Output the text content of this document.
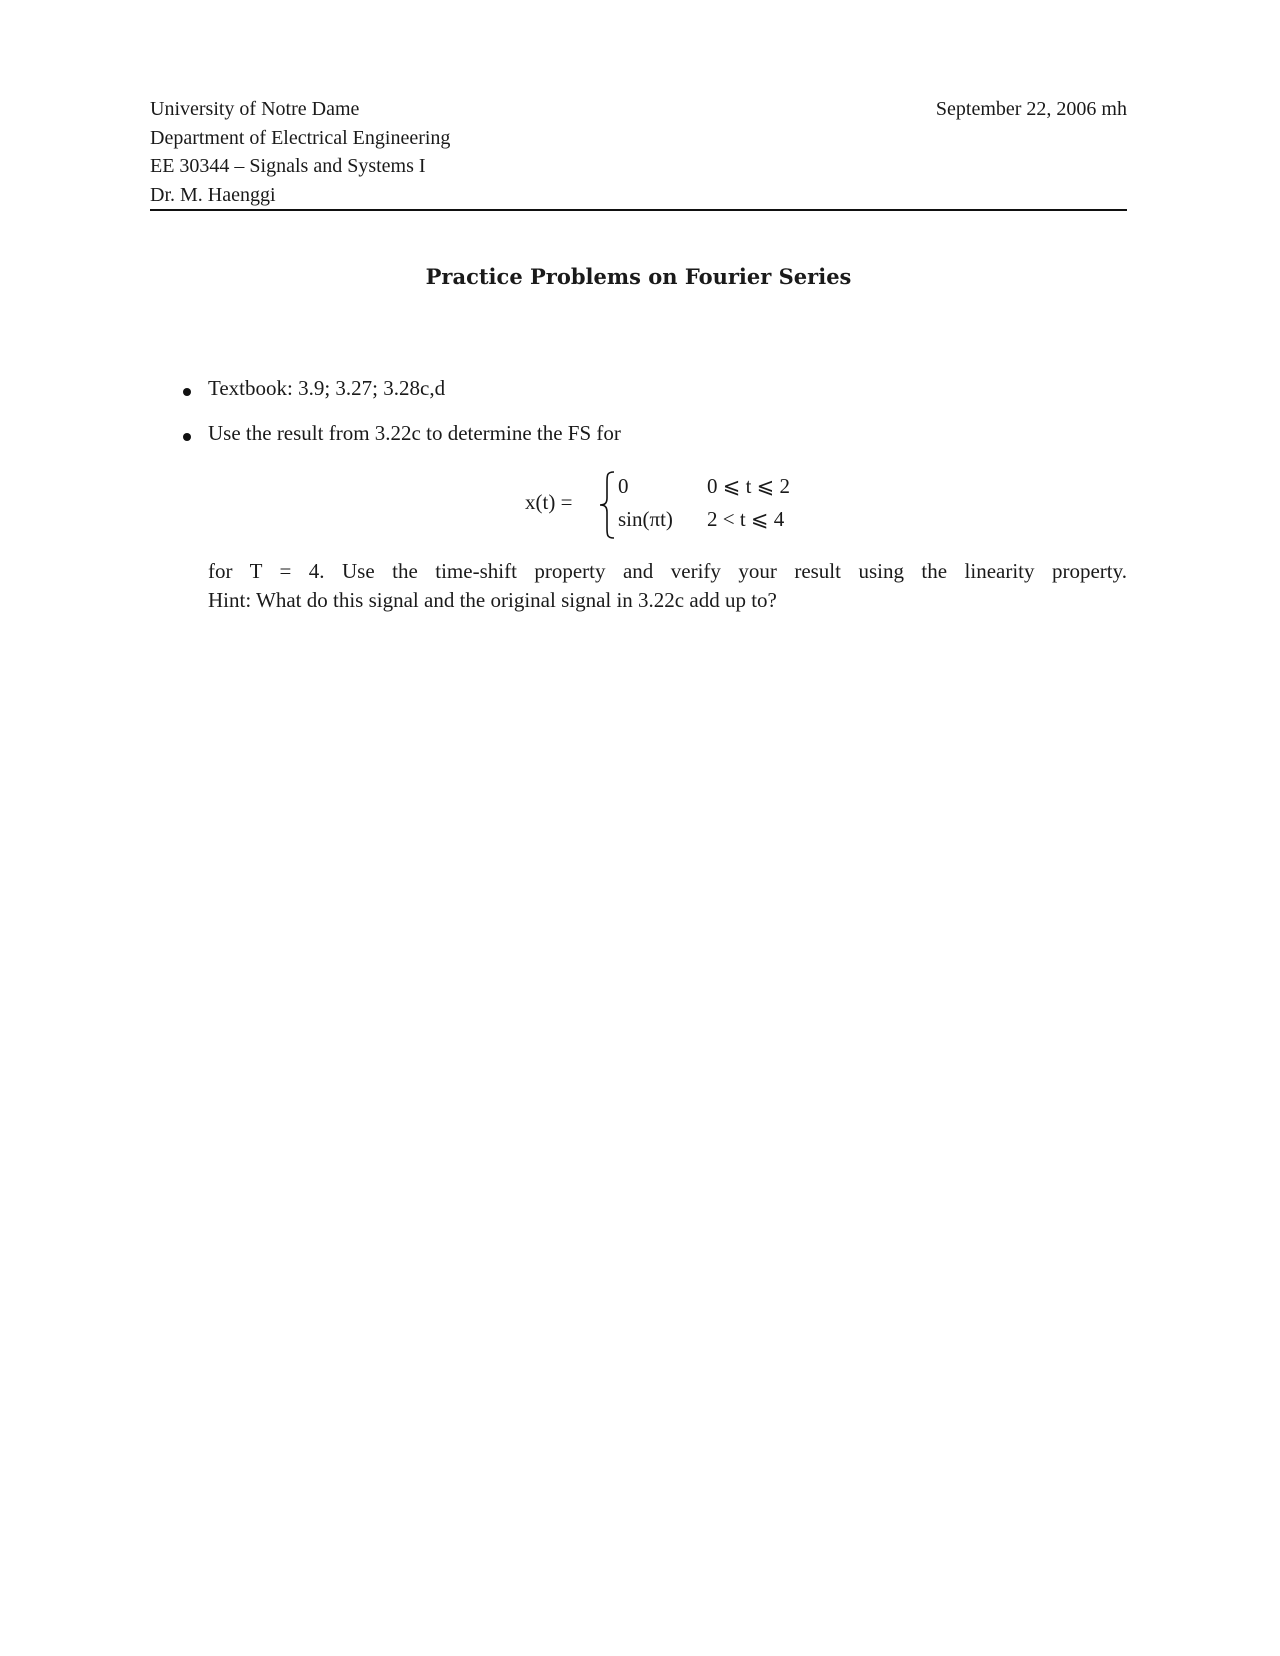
University of Notre Dame
Department of Electrical Engineering
EE 30344 – Signals and Systems I
Dr. M. Haenggi
September 22, 2006 mh
Practice Problems on Fourier Series
Textbook: 3.9; 3.27; 3.28c,d
Use the result from 3.22c to determine the FS for
x(t) =
0	0 ⩽ t ⩽ 2
sin(πt) 2 < t ⩽ 4
for T = 4. Use the time-shift property and verify your result using the linearity property.
Hint: What do this signal and the original signal in 3.22c add up to?
